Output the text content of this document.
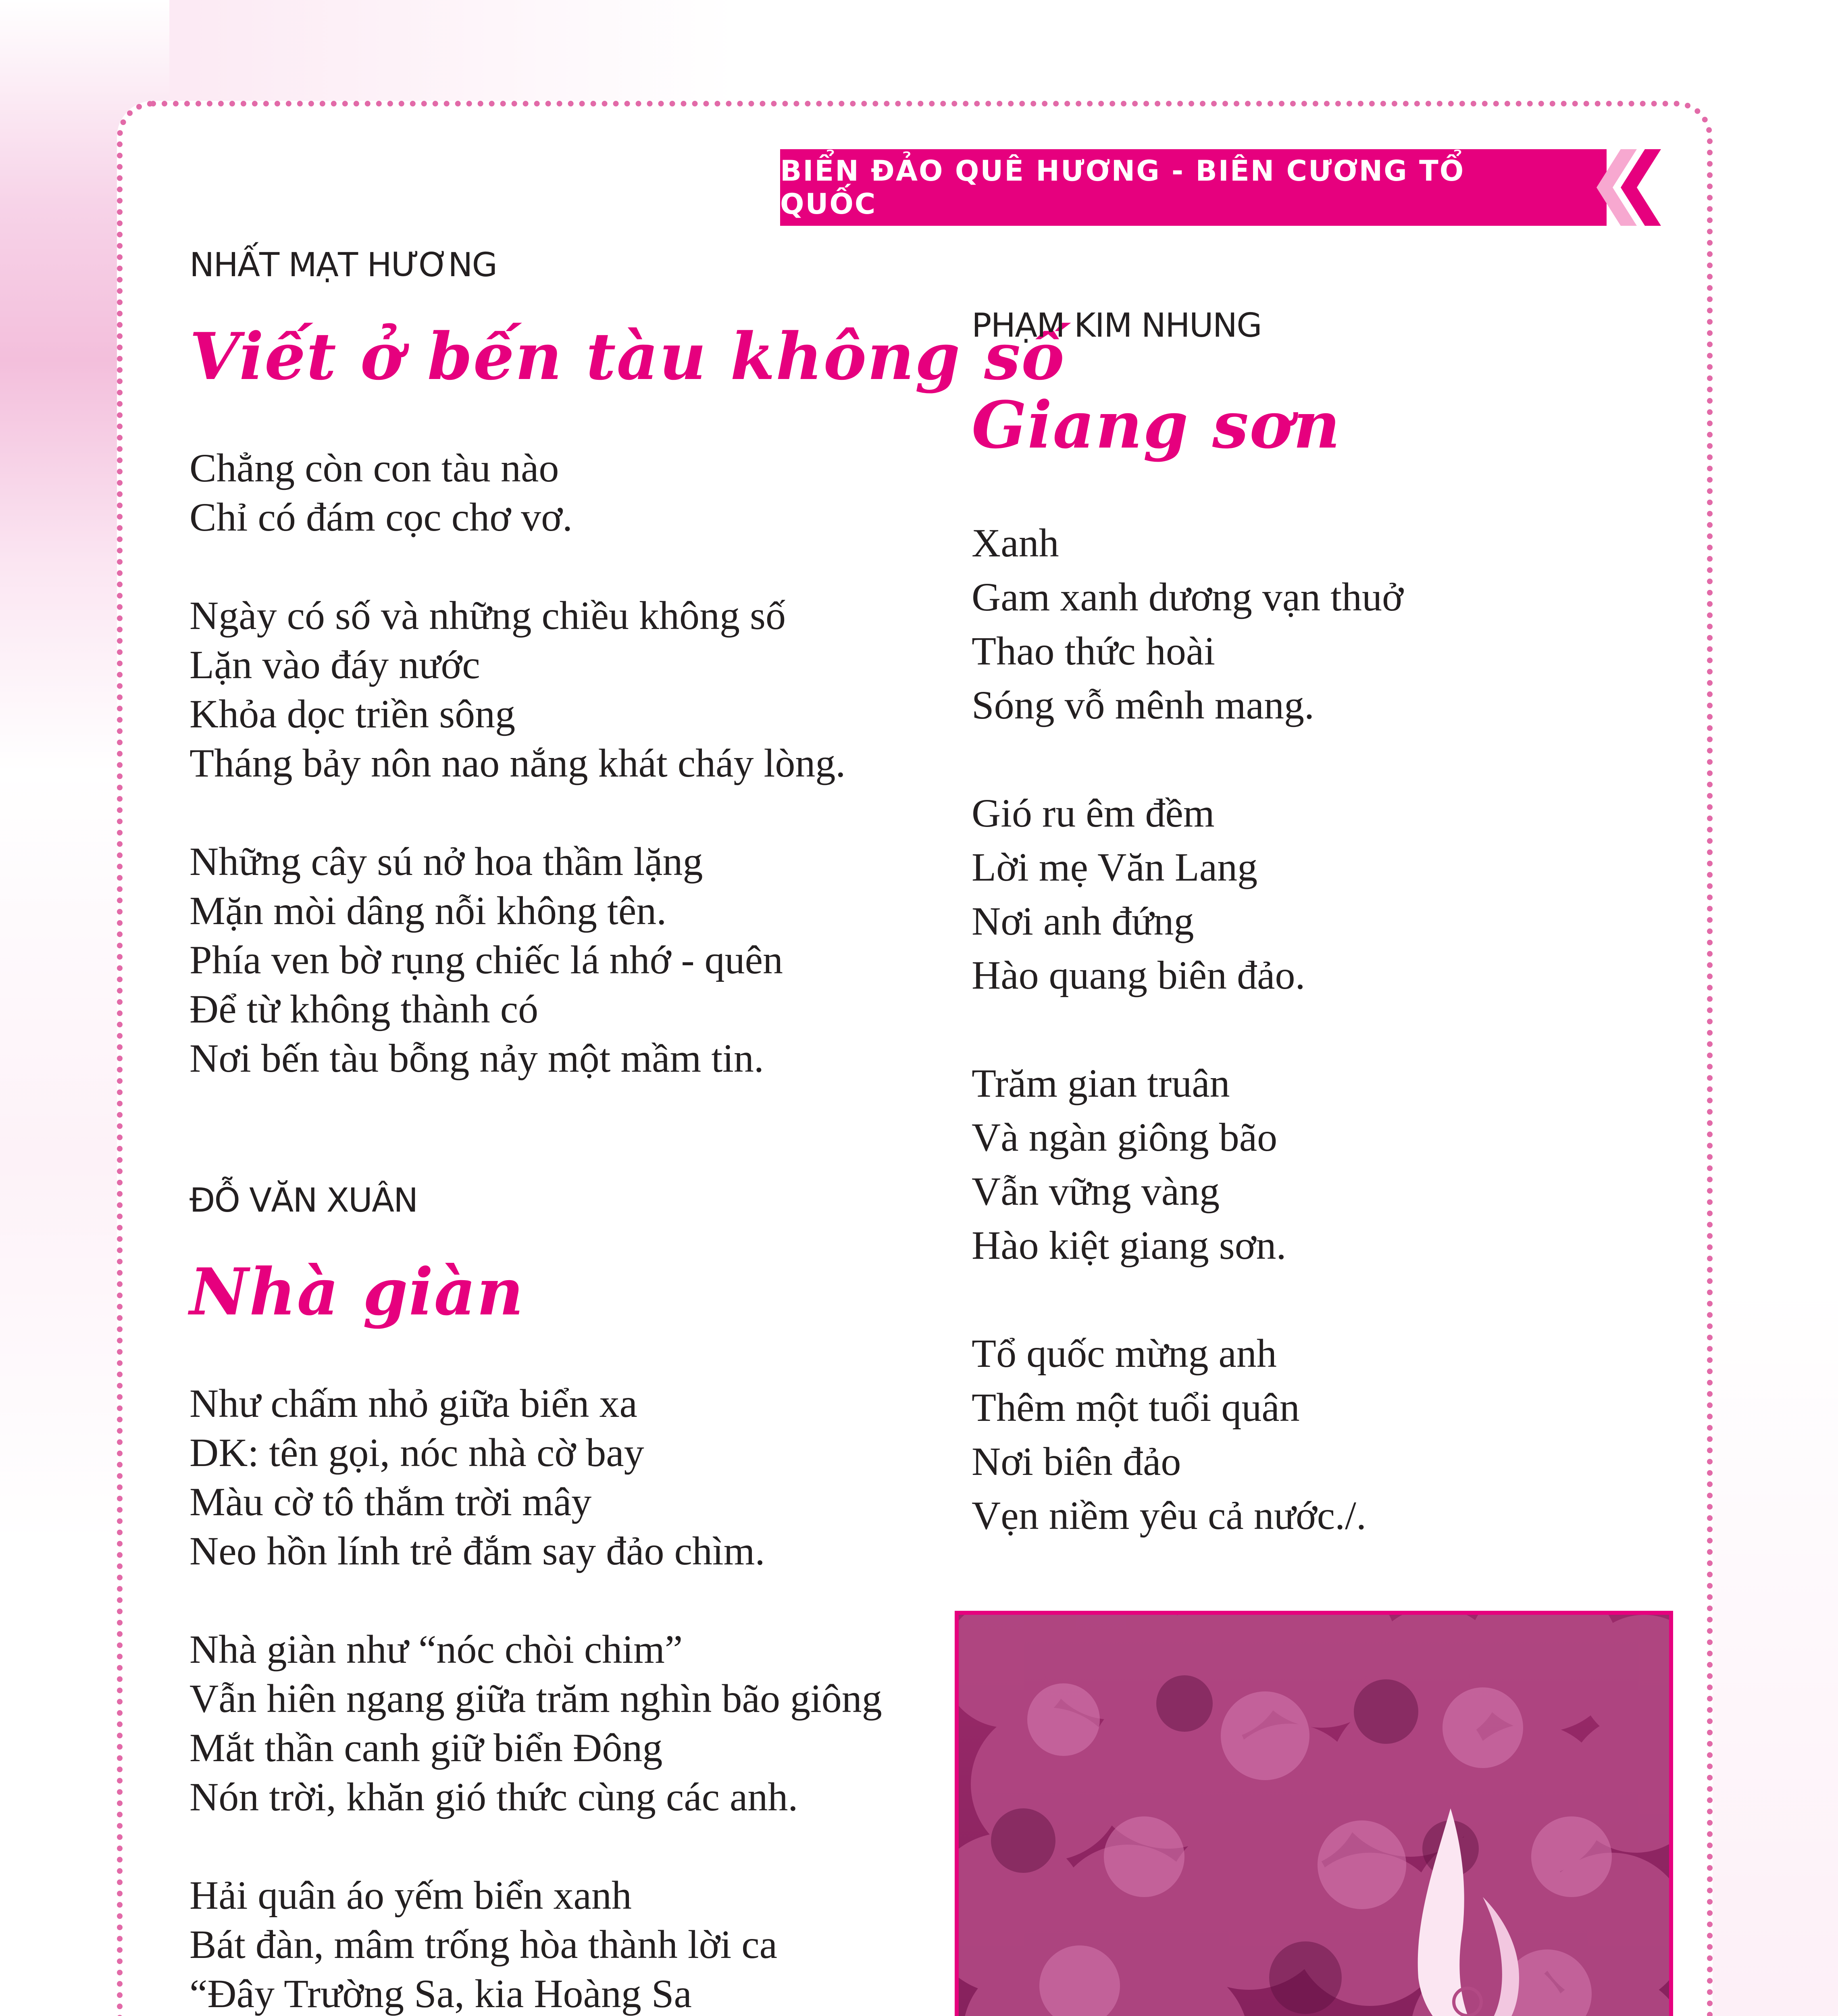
BIỂN ĐẢO QUÊ HƯƠNG - BIÊN CƯƠNG TỔ QUỐC
NHẤT MẠT HƯƠNG
Viết ở bến tàu không số
Chẳng còn con tàu nào
Chỉ có đám cọc chơ vơ.
Ngày có số và những chiều không số
Lặn vào đáy nước
Khỏa dọc triền sông
Tháng bảy nôn nao nắng khát cháy lòng.
Những cây sú nở hoa thầm lặng
Mặn mòi dâng nỗi không tên.
Phía ven bờ rụng chiếc lá nhớ - quên
Để từ không thành có
Nơi bến tàu bỗng nảy một mầm tin.
ĐỖ VĂN XUÂN
Nhà giàn
Như chấm nhỏ giữa biển xa
DK: tên gọi, nóc nhà cờ bay
Màu cờ tô thắm trời mây
Neo hồn lính trẻ đắm say đảo chìm.
Nhà giàn như “nóc chòi chim”
Vẫn hiên ngang giữa trăm nghìn bão giông
Mắt thần canh giữ biển Đông
Nón trời, khăn gió thức cùng các anh.
Hải quân áo yếm biển xanh
Bát đàn, mâm trống hòa thành lời ca
“Đây Trường Sa, kia Hoàng Sa
PHẠM KIM NHUNG
Giang sơn
Xanh
Gam xanh dương vạn thuở
Thao thức hoài
Sóng vỗ mênh mang.
Gió ru êm đềm
Lời mẹ Văn Lang
Nơi anh đứng
Hào quang biên đảo.
Trăm gian truân
Và ngàn giông bão
Vẫn vững vàng
Hào kiệt giang sơn.
Tổ quốc mừng anh
Thêm một tuổi quân
Nơi biên đảo
Vẹn niềm yêu cả nước./.
